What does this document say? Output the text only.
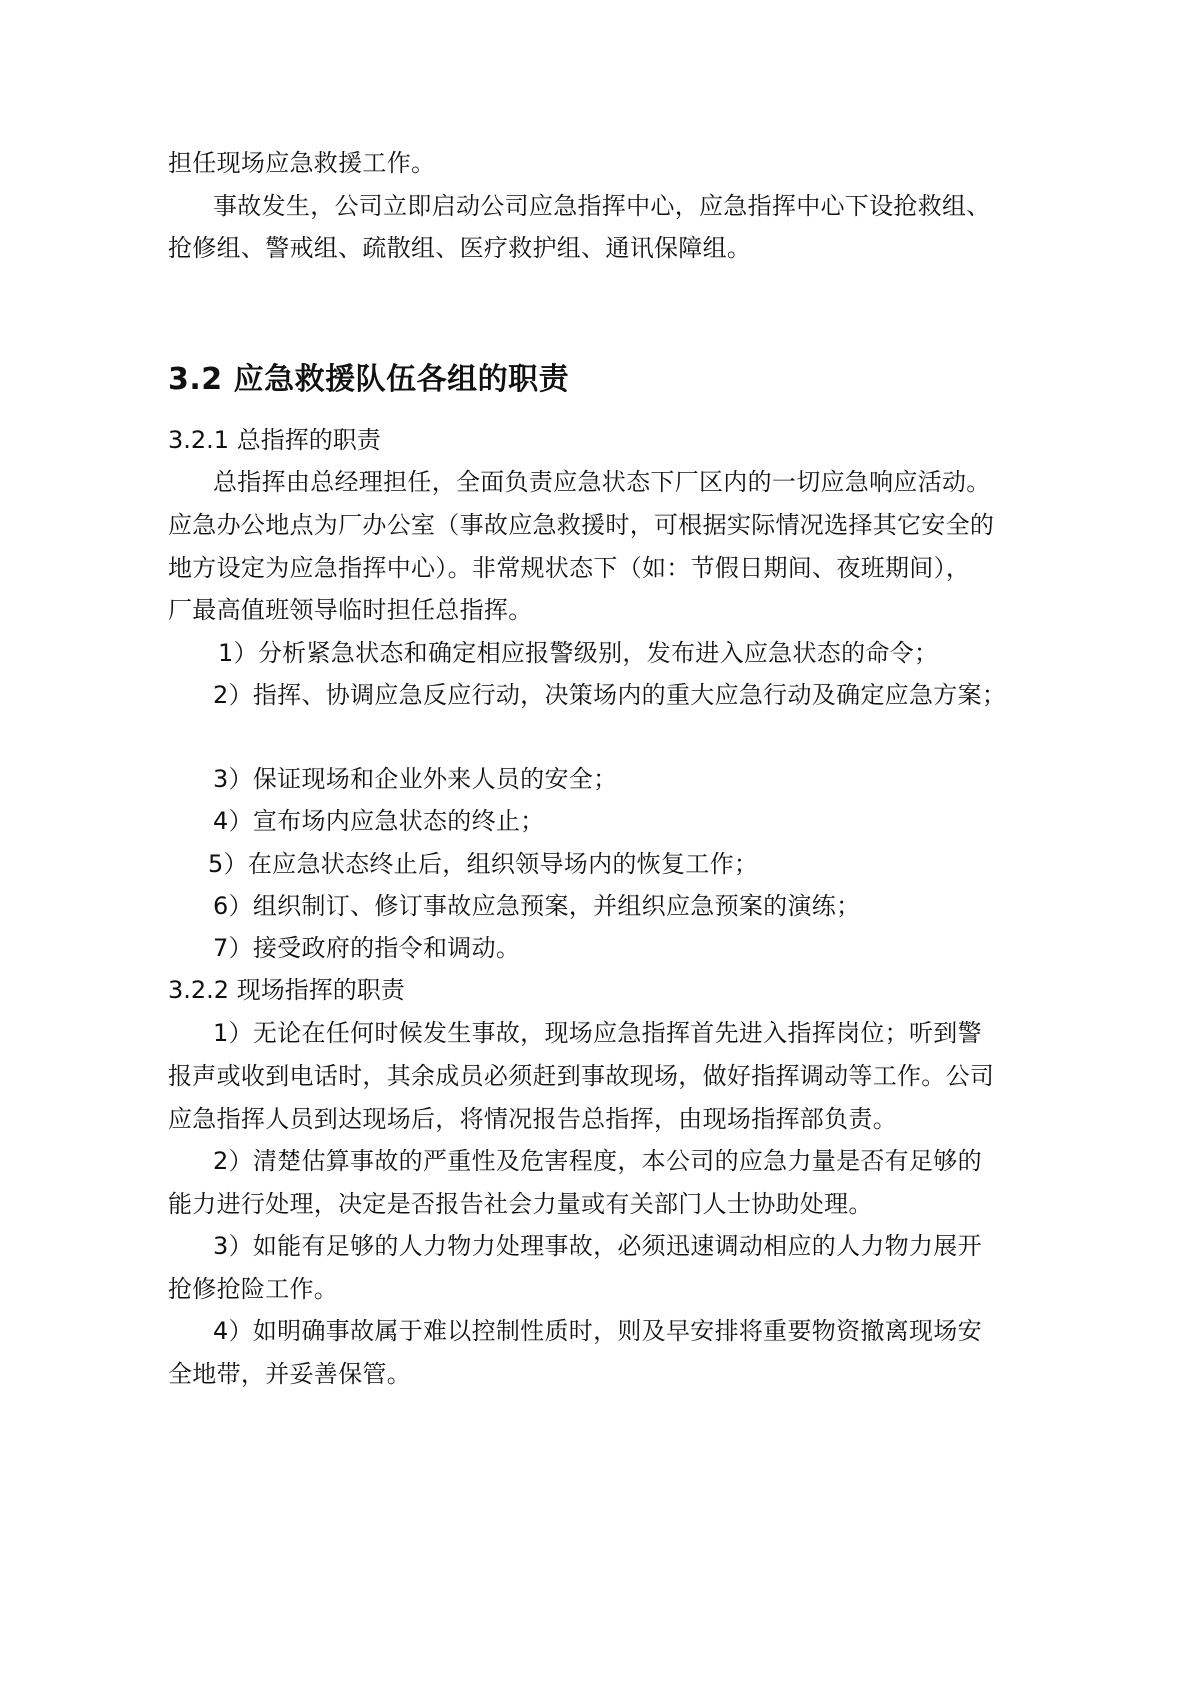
担任现场应急救援工作。
事故发生，公司立即启动公司应急指挥中心，应急指挥中心下设抢救组、
抢修组、警戒组、疏散组、医疗救护组、通讯保障组。
3.2 应急救援队伍各组的职责
3.2.1 总指挥的职责
总指挥由总经理担任，全面负责应急状态下厂区内的一切应急响应活动。
应急办公地点为厂办公室（事故应急救援时，可根据实际情况选择其它安全的
地方设定为应急指挥中心）。非常规状态下（如：节假日期间、夜班期间），
厂最高值班领导临时担任总指挥。
1）分析紧急状态和确定相应报警级别，发布进入应急状态的命令；
2）指挥、协调应急反应行动，决策场内的重大应急行动及确定应急方案；
3）保证现场和企业外来人员的安全；
4）宣布场内应急状态的终止；
5）在应急状态终止后，组织领导场内的恢复工作；
6）组织制订、修订事故应急预案，并组织应急预案的演练；
7）接受政府的指令和调动。
3.2.2 现场指挥的职责
1）无论在任何时候发生事故，现场应急指挥首先进入指挥岗位；听到警
报声或收到电话时，其余成员必须赶到事故现场，做好指挥调动等工作。公司
应急指挥人员到达现场后，将情况报告总指挥，由现场指挥部负责。
2）清楚估算事故的严重性及危害程度，本公司的应急力量是否有足够的
能力进行处理，决定是否报告社会力量或有关部门人士协助处理。
3）如能有足够的人力物力处理事故，必须迅速调动相应的人力物力展开
抢修抢险工作。
4）如明确事故属于难以控制性质时，则及早安排将重要物资撤离现场安
全地带，并妥善保管。
